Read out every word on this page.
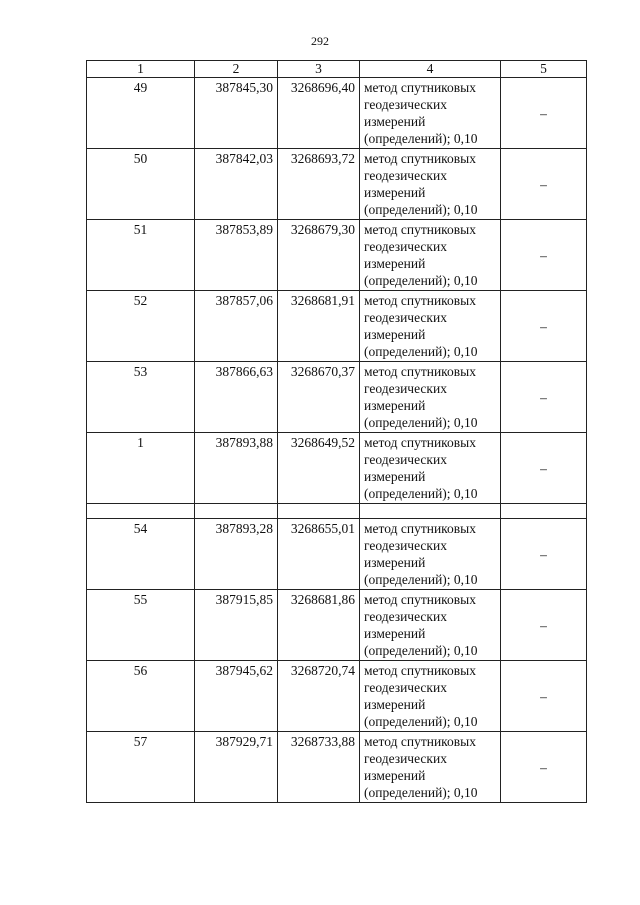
292
1	2	3	4	5
49	387845,30	3268696,40	метод спутниковых
геодезических
измерений
(определений); 0,10	–
50	387842,03	3268693,72	метод спутниковых
геодезических
измерений
(определений); 0,10	–
51	387853,89	3268679,30	метод спутниковых
геодезических
измерений
(определений); 0,10	–
52	387857,06	3268681,91	метод спутниковых
геодезических
измерений
(определений); 0,10	–
53	387866,63	3268670,37	метод спутниковых
геодезических
измерений
(определений); 0,10	–
1	387893,88	3268649,52	метод спутниковых
геодезических
измерений
(определений); 0,10	–

54	387893,28	3268655,01	метод спутниковых
геодезических
измерений
(определений); 0,10	–
55	387915,85	3268681,86	метод спутниковых
геодезических
измерений
(определений); 0,10	–
56	387945,62	3268720,74	метод спутниковых
геодезических
измерений
(определений); 0,10	–
57	387929,71	3268733,88	метод спутниковых
геодезических
измерений
(определений); 0,10	–
